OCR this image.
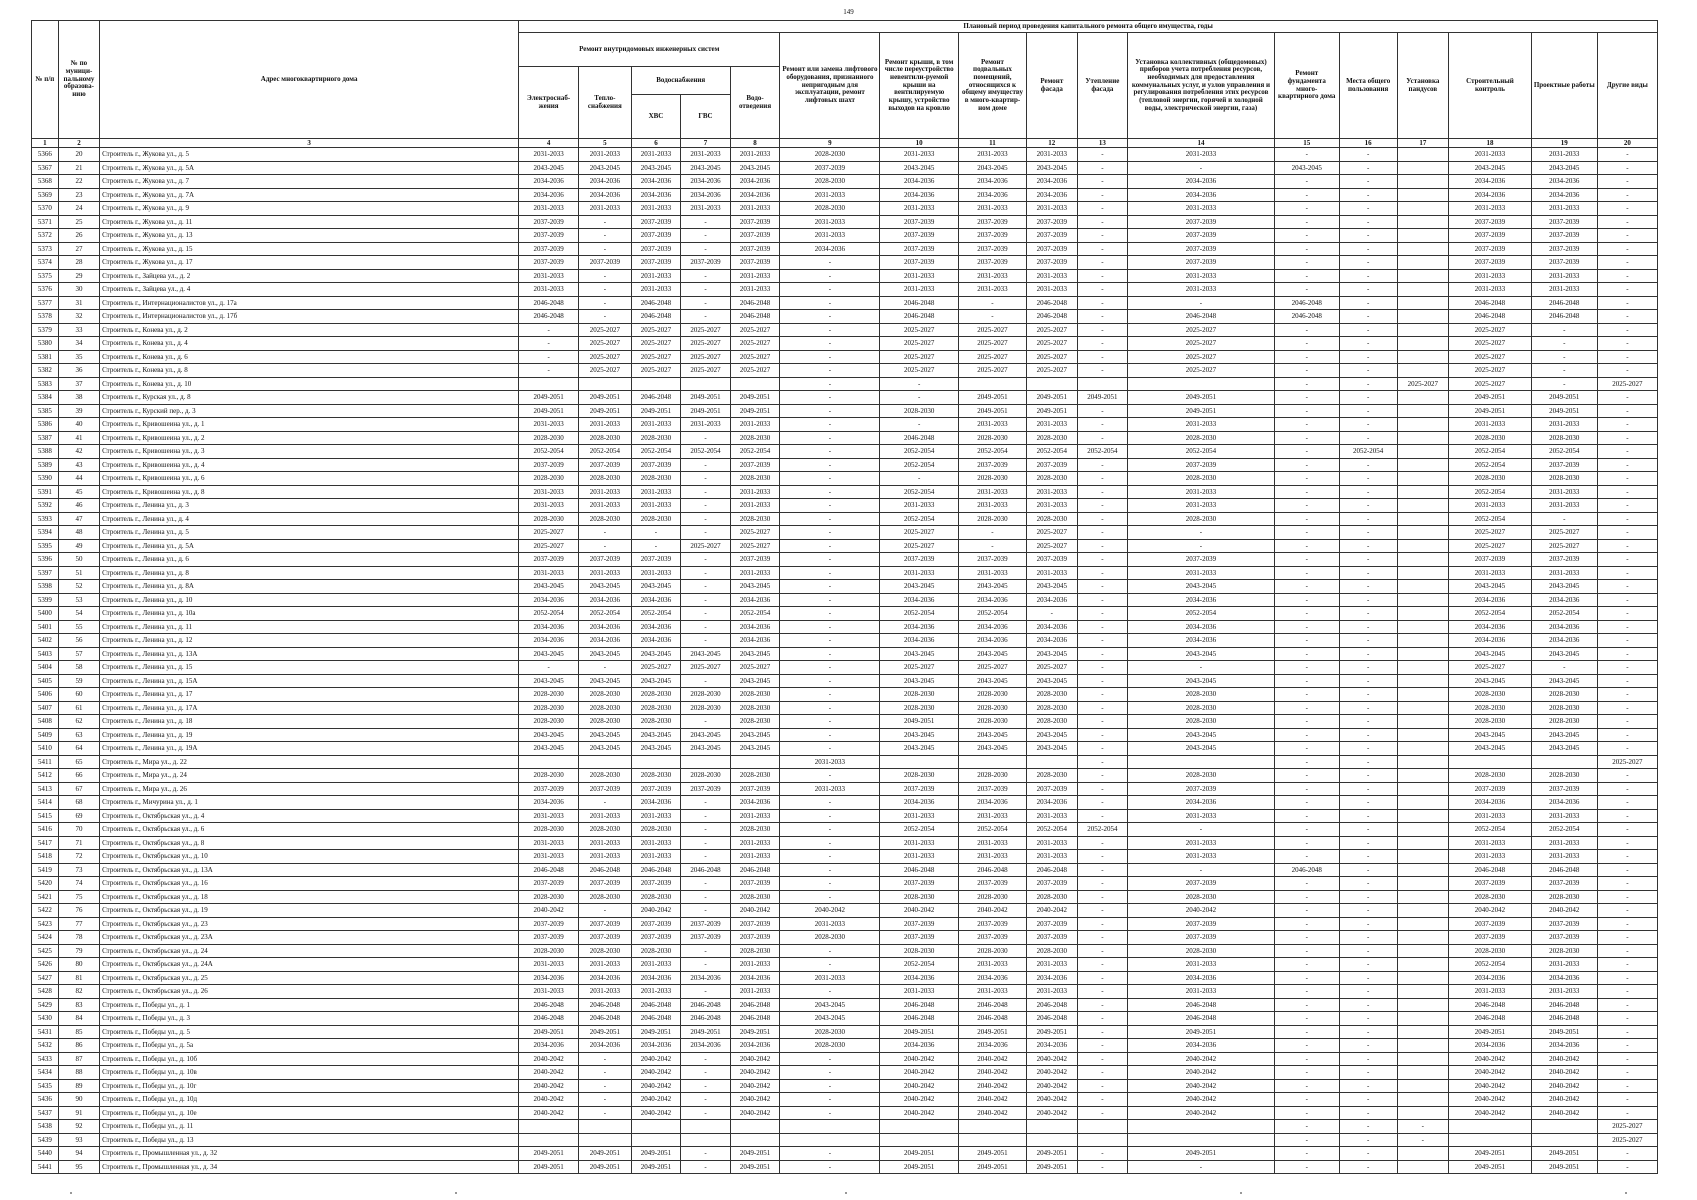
149
№ п/п	№ по муници-пальному образова-нию	Адрес многоквартирного дома	Плановый период проведения капитального ремонта общего имущества, годы																
			Ремонт внутридомовых инженерных систем					Ремонт или замена лифтового оборудования, признанного непригодным для эксплуатации, ремонт лифтовых шахт	Ремонт крыши, в том числе переустройство невентили-руемой крыши на вентилируемую крышу, устройство выходов на кровлю	Ремонт подвальных помещений, относящихся к общему имуществу в много-квартир-ном доме	Ремонт фасада	Утепление фасада	Установка коллективных (общедомовых) приборов учета потребления ресурсов, необходимых для предоставления коммунальных услуг, и узлов управления и регулирования потребления этих ресурсов (тепловой энергии, горячей и холодной воды, электрической энергии, газа)	Ремонт фундамента много-квартирного дома	Места общего пользования	Установка пандусов	Строительный контроль	Проектные работы	Другие виды
			Электроснаб-жения	Тепло-снабжения	Водоснабжения		Водо-отведения												
					ХВС	ГВС													
1	2	3	4	5	6	7	8	9	10	11	12	13	14	15	16	17	18	19	20
5366	20	Строитель г., Жукова ул., д. 5	2031-2033	2031-2033	2031-2033	2031-2033	2031-2033	2028-2030	2031-2033	2031-2033	2031-2033	-	2031-2033	-	-		2031-2033	2031-2033	-
5367	21	Строитель г., Жукова ул., д. 5А	2043-2045	2043-2045	2043-2045	2043-2045	2043-2045	2037-2039	2043-2045	2043-2045	2043-2045	-	-	2043-2045	-		2043-2045	2043-2045	-
5368	22	Строитель г., Жукова ул., д. 7	2034-2036	2034-2036	2034-2036	2034-2036	2034-2036	2028-2030	2034-2036	2034-2036	2034-2036	-	2034-2036	-	-		2034-2036	2034-2036	-
5369	23	Строитель г., Жукова ул., д. 7А	2034-2036	2034-2036	2034-2036	2034-2036	2034-2036	2031-2033	2034-2036	2034-2036	2034-2036	-	2034-2036	-	-		2034-2036	2034-2036	-
5370	24	Строитель г., Жукова ул., д. 9	2031-2033	2031-2033	2031-2033	2031-2033	2031-2033	2028-2030	2031-2033	2031-2033	2031-2033	-	2031-2033	-	-		2031-2033	2031-2033	-
5371	25	Строитель г., Жукова ул., д. 11	2037-2039	-	2037-2039	-	2037-2039	2031-2033	2037-2039	2037-2039	2037-2039	-	2037-2039	-	-		2037-2039	2037-2039	-
5372	26	Строитель г., Жукова ул., д. 13	2037-2039	-	2037-2039	-	2037-2039	2031-2033	2037-2039	2037-2039	2037-2039	-	2037-2039	-	-		2037-2039	2037-2039	-
5373	27	Строитель г., Жукова ул., д. 15	2037-2039	-	2037-2039	-	2037-2039	2034-2036	2037-2039	2037-2039	2037-2039	-	2037-2039	-	-		2037-2039	2037-2039	-
5374	28	Строитель г., Жукова ул., д. 17	2037-2039	2037-2039	2037-2039	2037-2039	2037-2039	-	2037-2039	2037-2039	2037-2039	-	2037-2039	-	-		2037-2039	2037-2039	-
5375	29	Строитель г., Зайцева ул., д. 2	2031-2033	-	2031-2033	-	2031-2033	-	2031-2033	2031-2033	2031-2033	-	2031-2033	-	-		2031-2033	2031-2033	-
5376	30	Строитель г., Зайцева ул., д. 4	2031-2033	-	2031-2033	-	2031-2033	-	2031-2033	2031-2033	2031-2033	-	2031-2033	-	-		2031-2033	2031-2033	-
5377	31	Строитель г., Интернационалистов ул., д. 17а	2046-2048	-	2046-2048	-	2046-2048	-	2046-2048	-	2046-2048	-	-	2046-2048	-		2046-2048	2046-2048	-
5378	32	Строитель г., Интернационалистов ул., д. 17б	2046-2048	-	2046-2048	-	2046-2048	-	2046-2048	-	2046-2048	-	2046-2048	2046-2048	-		2046-2048	2046-2048	-
5379	33	Строитель г., Конева ул., д. 2	-	2025-2027	2025-2027	2025-2027	2025-2027	-	2025-2027	2025-2027	2025-2027	-	2025-2027	-	-		2025-2027	-	-
5380	34	Строитель г., Конева ул., д. 4	-	2025-2027	2025-2027	2025-2027	2025-2027	-	2025-2027	2025-2027	2025-2027	-	2025-2027	-	-		2025-2027	-	-
5381	35	Строитель г., Конева ул., д. 6	-	2025-2027	2025-2027	2025-2027	2025-2027	-	2025-2027	2025-2027	2025-2027	-	2025-2027	-	-		2025-2027	-	-
5382	36	Строитель г., Конева ул., д. 8	-	2025-2027	2025-2027	2025-2027	2025-2027	-	2025-2027	2025-2027	2025-2027	-	2025-2027	-	-		2025-2027	-	-
5383	37	Строитель г., Конева ул., д. 10						-	-					-	-	2025-2027	2025-2027	-	2025-2027
5384	38	Строитель г., Курская ул., д. 8	2049-2051	2049-2051	2046-2048	2049-2051	2049-2051	-	-	2049-2051	2049-2051	2049-2051	2049-2051	-	-		2049-2051	2049-2051	-
5385	39	Строитель г., Курский пер., д. 3	2049-2051	2049-2051	2049-2051	2049-2051	2049-2051	-	2028-2030	2049-2051	2049-2051	-	2049-2051	-	-		2049-2051	2049-2051	-
5386	40	Строитель г., Кривошеина ул., д. 1	2031-2033	2031-2033	2031-2033	2031-2033	2031-2033	-	-	2031-2033	2031-2033	-	2031-2033	-	-		2031-2033	2031-2033	-
5387	41	Строитель г., Кривошеина ул., д. 2	2028-2030	2028-2030	2028-2030	-	2028-2030	-	2046-2048	2028-2030	2028-2030	-	2028-2030	-	-		2028-2030	2028-2030	-
5388	42	Строитель г., Кривошеина ул., д. 3	2052-2054	2052-2054	2052-2054	2052-2054	2052-2054	-	2052-2054	2052-2054	2052-2054	2052-2054	2052-2054	-	2052-2054		2052-2054	2052-2054	-
5389	43	Строитель г., Кривошеина ул., д. 4	2037-2039	2037-2039	2037-2039	-	2037-2039	-	2052-2054	2037-2039	2037-2039	-	2037-2039	-	-		2052-2054	2037-2039	-
5390	44	Строитель г., Кривошеина ул., д. 6	2028-2030	2028-2030	2028-2030	-	2028-2030	-	-	2028-2030	2028-2030	-	2028-2030	-	-		2028-2030	2028-2030	-
5391	45	Строитель г., Кривошеина ул., д. 8	2031-2033	2031-2033	2031-2033	-	2031-2033	-	2052-2054	2031-2033	2031-2033	-	2031-2033	-	-		2052-2054	2031-2033	-
5392	46	Строитель г., Ленина ул., д. 3	2031-2033	2031-2033	2031-2033	-	2031-2033	-	2031-2033	2031-2033	2031-2033	-	2031-2033	-	-		2031-2033	2031-2033	-
5393	47	Строитель г., Ленина ул., д. 4	2028-2030	2028-2030	2028-2030	-	2028-2030	-	2052-2054	2028-2030	2028-2030	-	2028-2030	-	-		2052-2054	-	-
5394	48	Строитель г., Ленина ул., д. 5	2025-2027	-	-	-	2025-2027	-	2025-2027	-	2025-2027	-	-	-	-		2025-2027	2025-2027	-
5395	49	Строитель г., Ленина ул., д. 5А	2025-2027	-	-	2025-2027	2025-2027	-	2025-2027	-	2025-2027	-	-	-	-		2025-2027	2025-2027	-
5396	50	Строитель г., Ленина ул., д. 6	2037-2039	2037-2039	2037-2039	-	2037-2039	-	2037-2039	2037-2039	2037-2039	-	2037-2039	-	-		2037-2039	2037-2039	-
5397	51	Строитель г., Ленина ул., д. 8	2031-2033	2031-2033	2031-2033	-	2031-2033	-	2031-2033	2031-2033	2031-2033	-	2031-2033	-	-		2031-2033	2031-2033	-
5398	52	Строитель г., Ленина ул., д. 8А	2043-2045	2043-2045	2043-2045	-	2043-2045	-	2043-2045	2043-2045	2043-2045	-	2043-2045	-	-		2043-2045	2043-2045	-
5399	53	Строитель г., Ленина ул., д. 10	2034-2036	2034-2036	2034-2036	-	2034-2036	-	2034-2036	2034-2036	2034-2036	-	2034-2036	-	-		2034-2036	2034-2036	-
5400	54	Строитель г., Ленина ул., д. 10а	2052-2054	2052-2054	2052-2054	-	2052-2054	-	2052-2054	2052-2054	-	-	2052-2054	-	-		2052-2054	2052-2054	-
5401	55	Строитель г., Ленина ул., д. 11	2034-2036	2034-2036	2034-2036	-	2034-2036	-	2034-2036	2034-2036	2034-2036	-	2034-2036	-	-		2034-2036	2034-2036	-
5402	56	Строитель г., Ленина ул., д. 12	2034-2036	2034-2036	2034-2036	-	2034-2036	-	2034-2036	2034-2036	2034-2036	-	2034-2036	-	-		2034-2036	2034-2036	-
5403	57	Строитель г., Ленина ул., д. 13А	2043-2045	2043-2045	2043-2045	2043-2045	2043-2045	-	2043-2045	2043-2045	2043-2045	-	2043-2045	-	-		2043-2045	2043-2045	-
5404	58	Строитель г., Ленина ул., д. 15	-	-	2025-2027	2025-2027	2025-2027	-	2025-2027	2025-2027	2025-2027	-	-	-	-		2025-2027	-	-
5405	59	Строитель г., Ленина ул., д. 15А	2043-2045	2043-2045	2043-2045	-	2043-2045	-	2043-2045	2043-2045	2043-2045	-	2043-2045	-	-		2043-2045	2043-2045	-
5406	60	Строитель г., Ленина ул., д. 17	2028-2030	2028-2030	2028-2030	2028-2030	2028-2030	-	2028-2030	2028-2030	2028-2030	-	2028-2030	-	-		2028-2030	2028-2030	-
5407	61	Строитель г., Ленина ул., д. 17А	2028-2030	2028-2030	2028-2030	2028-2030	2028-2030	-	2028-2030	2028-2030	2028-2030	-	2028-2030	-	-		2028-2030	2028-2030	-
5408	62	Строитель г., Ленина ул., д. 18	2028-2030	2028-2030	2028-2030	-	2028-2030	-	2049-2051	2028-2030	2028-2030	-	2028-2030	-	-		2028-2030	2028-2030	-
5409	63	Строитель г., Ленина ул., д. 19	2043-2045	2043-2045	2043-2045	2043-2045	2043-2045	-	2043-2045	2043-2045	2043-2045	-	2043-2045	-	-		2043-2045	2043-2045	-
5410	64	Строитель г., Ленина ул., д. 19А	2043-2045	2043-2045	2043-2045	2043-2045	2043-2045	-	2043-2045	2043-2045	2043-2045	-	2043-2045	-	-		2043-2045	2043-2045	-
5411	65	Строитель г., Мира ул., д. 22						2031-2033				-		-	-				2025-2027
5412	66	Строитель г., Мира ул., д. 24	2028-2030	2028-2030	2028-2030	2028-2030	2028-2030	-	2028-2030	2028-2030	2028-2030	-	2028-2030	-	-		2028-2030	2028-2030	-
5413	67	Строитель г., Мира ул., д. 26	2037-2039	2037-2039	2037-2039	2037-2039	2037-2039	2031-2033	2037-2039	2037-2039	2037-2039	-	2037-2039	-	-		2037-2039	2037-2039	-
5414	68	Строитель г., Мичурина ул., д. 1	2034-2036	-	2034-2036	-	2034-2036	-	2034-2036	2034-2036	2034-2036	-	2034-2036	-	-		2034-2036	2034-2036	-
5415	69	Строитель г., Октябрьская ул., д. 4	2031-2033	2031-2033	2031-2033	-	2031-2033	-	2031-2033	2031-2033	2031-2033	-	2031-2033	-	-		2031-2033	2031-2033	-
5416	70	Строитель г., Октябрьская ул., д. 6	2028-2030	2028-2030	2028-2030	-	2028-2030	-	2052-2054	2052-2054	2052-2054	2052-2054	-	-	-		2052-2054	2052-2054	-
5417	71	Строитель г., Октябрьская ул., д. 8	2031-2033	2031-2033	2031-2033	-	2031-2033	-	2031-2033	2031-2033	2031-2033	-	2031-2033	-	-		2031-2033	2031-2033	-
5418	72	Строитель г., Октябрьская ул., д. 10	2031-2033	2031-2033	2031-2033	-	2031-2033	-	2031-2033	2031-2033	2031-2033	-	2031-2033	-	-		2031-2033	2031-2033	-
5419	73	Строитель г., Октябрьская ул., д. 13А	2046-2048	2046-2048	2046-2048	2046-2048	2046-2048	-	2046-2048	2046-2048	2046-2048	-	-	2046-2048	-		2046-2048	2046-2048	-
5420	74	Строитель г., Октябрьская ул., д. 16	2037-2039	2037-2039	2037-2039	-	2037-2039	-	2037-2039	2037-2039	2037-2039	-	2037-2039	-	-		2037-2039	2037-2039	-
5421	75	Строитель г., Октябрьская ул., д. 18	2028-2030	2028-2030	2028-2030	-	2028-2030	-	2028-2030	2028-2030	2028-2030	-	2028-2030	-	-		2028-2030	2028-2030	-
5422	76	Строитель г., Октябрьская ул., д. 19	2040-2042	-	2040-2042	-	2040-2042	2040-2042	2040-2042	2040-2042	2040-2042	-	2040-2042	-	-		2040-2042	2040-2042	-
5423	77	Строитель г., Октябрьская ул., д. 23	2037-2039	2037-2039	2037-2039	2037-2039	2037-2039	2031-2033	2037-2039	2037-2039	2037-2039	-	2037-2039	-	-		2037-2039	2037-2039	-
5424	78	Строитель г., Октябрьская ул., д. 23А	2037-2039	2037-2039	2037-2039	2037-2039	2037-2039	2028-2030	2037-2039	2037-2039	2037-2039	-	2037-2039	-	-		2037-2039	2037-2039	-
5425	79	Строитель г., Октябрьская ул., д. 24	2028-2030	2028-2030	2028-2030	-	2028-2030	-	2028-2030	2028-2030	2028-2030	-	2028-2030	-	-		2028-2030	2028-2030	-
5426	80	Строитель г., Октябрьская ул., д. 24А	2031-2033	2031-2033	2031-2033	-	2031-2033	-	2052-2054	2031-2033	2031-2033	-	2031-2033	-	-		2052-2054	2031-2033	-
5427	81	Строитель г., Октябрьская ул., д. 25	2034-2036	2034-2036	2034-2036	2034-2036	2034-2036	2031-2033	2034-2036	2034-2036	2034-2036	-	2034-2036	-	-		2034-2036	2034-2036	-
5428	82	Строитель г., Октябрьская ул., д. 26	2031-2033	2031-2033	2031-2033	-	2031-2033	-	2031-2033	2031-2033	2031-2033	-	2031-2033	-	-		2031-2033	2031-2033	-
5429	83	Строитель г., Победы ул., д. 1	2046-2048	2046-2048	2046-2048	2046-2048	2046-2048	2043-2045	2046-2048	2046-2048	2046-2048	-	2046-2048	-	-		2046-2048	2046-2048	-
5430	84	Строитель г., Победы ул., д. 3	2046-2048	2046-2048	2046-2048	2046-2048	2046-2048	2043-2045	2046-2048	2046-2048	2046-2048	-	2046-2048	-	-		2046-2048	2046-2048	-
5431	85	Строитель г., Победы ул., д. 5	2049-2051	2049-2051	2049-2051	2049-2051	2049-2051	2028-2030	2049-2051	2049-2051	2049-2051	-	2049-2051	-	-		2049-2051	2049-2051	-
5432	86	Строитель г., Победы ул., д. 5а	2034-2036	2034-2036	2034-2036	2034-2036	2034-2036	2028-2030	2034-2036	2034-2036	2034-2036	-	2034-2036	-	-		2034-2036	2034-2036	-
5433	87	Строитель г., Победы ул., д. 10б	2040-2042	-	2040-2042	-	2040-2042	-	2040-2042	2040-2042	2040-2042	-	2040-2042	-	-		2040-2042	2040-2042	-
5434	88	Строитель г., Победы ул., д. 10в	2040-2042	-	2040-2042	-	2040-2042	-	2040-2042	2040-2042	2040-2042	-	2040-2042	-	-		2040-2042	2040-2042	-
5435	89	Строитель г., Победы ул., д. 10г	2040-2042	-	2040-2042	-	2040-2042	-	2040-2042	2040-2042	2040-2042	-	2040-2042	-	-		2040-2042	2040-2042	-
5436	90	Строитель г., Победы ул., д. 10д	2040-2042	-	2040-2042	-	2040-2042	-	2040-2042	2040-2042	2040-2042	-	2040-2042	-	-		2040-2042	2040-2042	-
5437	91	Строитель г., Победы ул., д. 10е	2040-2042	-	2040-2042	-	2040-2042	-	2040-2042	2040-2042	2040-2042	-	2040-2042	-	-		2040-2042	2040-2042	-
5438	92	Строитель г., Победы ул., д. 11												-	-	-			2025-2027
5439	93	Строитель г., Победы ул., д. 13												-	-	-			2025-2027
5440	94	Строитель г., Промышленная ул., д. 32	2049-2051	2049-2051	2049-2051	-	2049-2051	-	2049-2051	2049-2051	2049-2051	-	2049-2051	-	-		2049-2051	2049-2051	-
5441	95	Строитель г., Промышленная ул., д. 34	2049-2051	2049-2051	2049-2051	-	2049-2051	-	2049-2051	2049-2051	2049-2051	-	-	-	-		2049-2051	2049-2051	-
